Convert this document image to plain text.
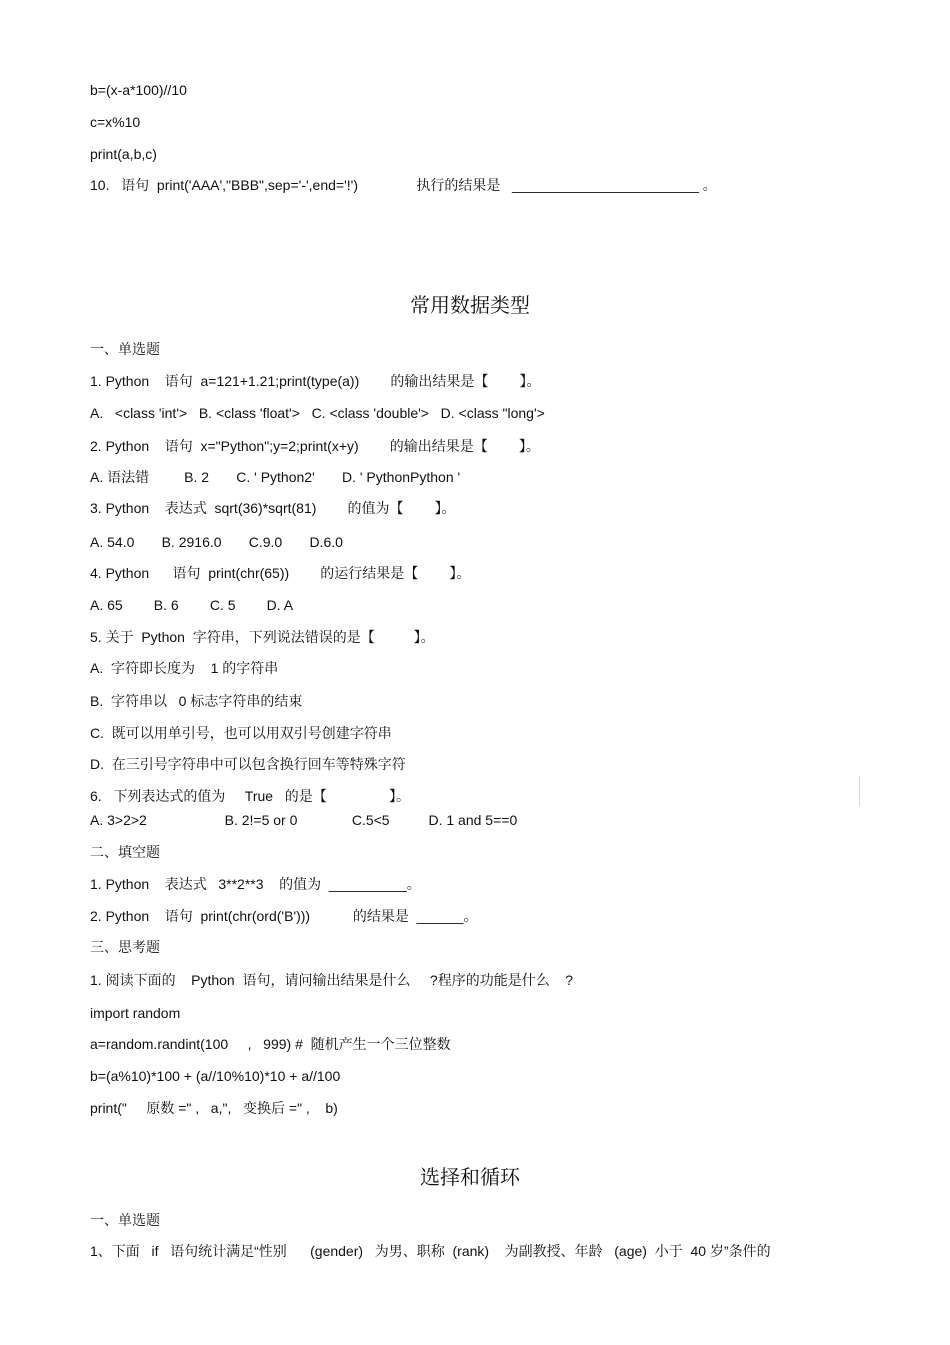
b=(x-a*100)//10
c=x%10
print(a,b,c)
10.   语句  print('AAA',"BBB",sep='-',end='!')               执行的结果是   ________________________ 。
常用数据类型
一、单选题
1. Python    语句  a=121+1.21;print(type(a))        的输出结果是【        】。
A.   <class 'int'>   B. <class 'float'>   C. <class 'double'>   D. <class "long'>
2. Python    语句  x="Python";y=2;print(x+y)        的输出结果是【        】。
A. 语法错         B. 2       C. ' Python2'       D. ' PythonPython '
3. Python    表达式  sqrt(36)*sqrt(81)        的值为【        】。
A. 54.0       B. 2916.0       C.9.0       D.6.0
4. Python      语句  print(chr(65))        的运行结果是【        】。
A. 65        B. 6        C. 5        D. A
5. 关于  Python  字符串，下列说法错误的是【          】。
A.  字符即长度为    1 的字符串
B.  字符串以   0 标志字符串的结束
C.  既可以用单引号，也可以用双引号创建字符串
D.  在三引号字符串中可以包含换行回车等特殊字符
6.   下列表达式的值为     True   的是【                】。
A. 3>2>2                    B. 2!=5 or 0              C.5<5          D. 1 and 5==0
二、填空题
1. Python    表达式   3**2**3    的值为  __________。
2. Python    语句  print(chr(ord('B')))           的结果是  ______。
三、思考题
1. 阅读下面的    Python  语句，请问输出结果是什么     ?程序的功能是什么    ?
import random
a=random.randint(100     ,   999) #  随机产生一个三位整数
b=(a%10)*100 + (a//10%10)*10 + a//100
print("     原数 =" ,   a,",   变换后 =" ,    b)
选择和循环
一、单选题
1、下面   if   语句统计满足“性别      (gender)   为男、职称  (rank)    为副教授、年龄   (age)  小于  40 岁”条件的
